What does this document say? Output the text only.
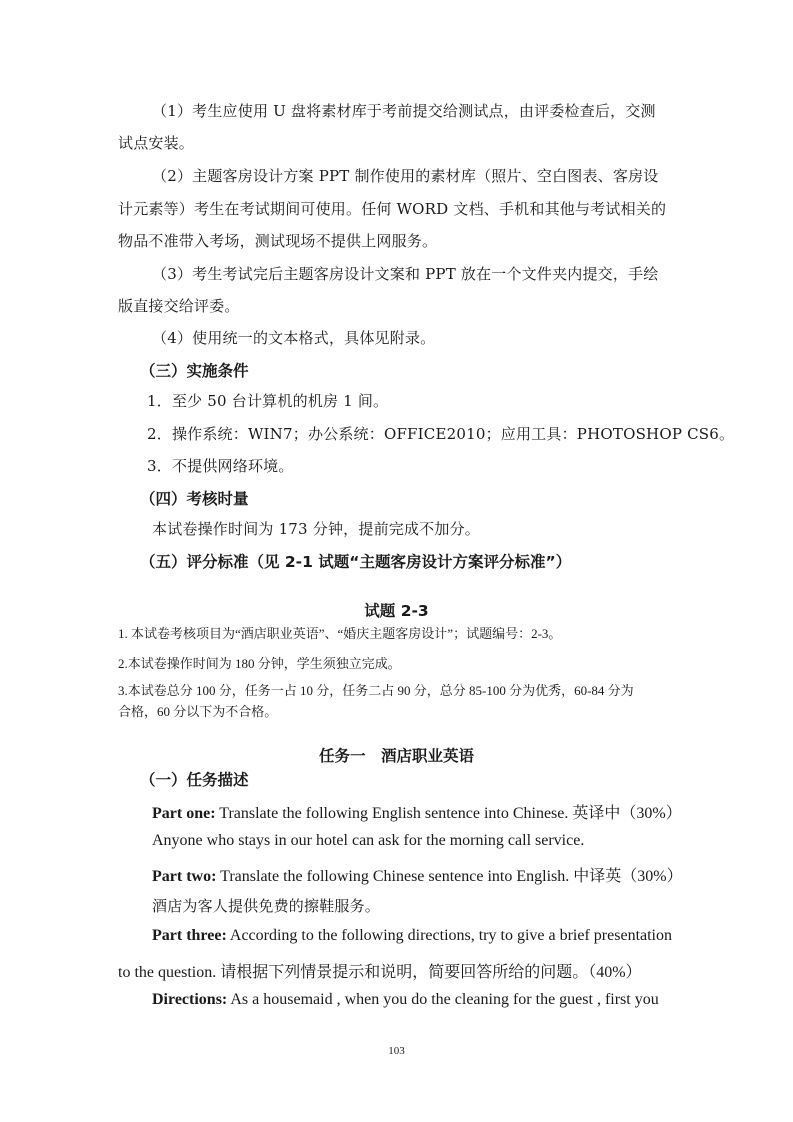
（1）考生应使用 U 盘将素材库于考前提交给测试点，由评委检查后，交测
试点安装。
（2）主题客房设计方案 PPT 制作使用的素材库（照片、空白图表、客房设
计元素等）考生在考试期间可使用。任何 WORD 文档、手机和其他与考试相关的
物品不准带入考场，测试现场不提供上网服务。
（3）考生考试完后主题客房设计文案和 PPT 放在一个文件夹内提交，手绘
版直接交给评委。
（4）使用统一的文本格式，具体见附录。
（三）实施条件
1．至少 50 台计算机的机房 1 间。
2．操作系统：WIN7；办公系统：OFFICE2010；应用工具：PHOTOSHOP CS6。
3．不提供网络环境。
（四）考核时量
本试卷操作时间为 173 分钟，提前完成不加分。
（五）评分标准（见 2-1 试题“主题客房设计方案评分标准”）
试题 2-3
1. 本试卷考核项目为“酒店职业英语”、“婚庆主题客房设计”；试题编号：2-3。
2.本试卷操作时间为 180 分钟，学生须独立完成。
3.本试卷总分 100 分，任务一占 10 分，任务二占 90 分，总分 85-100 分为优秀，60-84 分为
合格，60 分以下为不合格。
任务一　酒店职业英语
（一）任务描述
Part one: Translate the following English sentence into Chinese. 英译中（30%）
Anyone who stays in our hotel can ask for the morning call service.
Part two: Translate the following Chinese sentence into English. 中译英（30%）
酒店为客人提供免费的擦鞋服务。
Part three: According to the following directions, try to give a brief presentation
to the question. 请根据下列情景提示和说明，简要回答所给的问题。（40%）
Directions: As a housemaid , when you do the cleaning for the guest , first you
103
